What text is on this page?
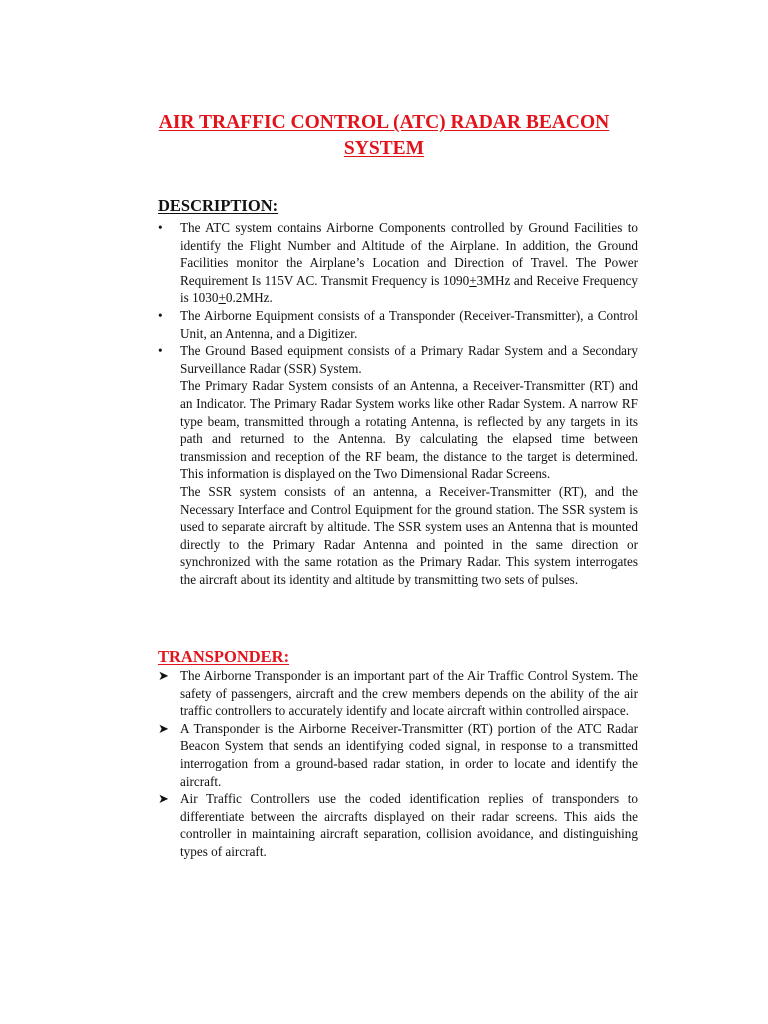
AIR TRAFFIC CONTROL (ATC) RADAR BEACON
SYSTEM
DESCRIPTION:
•	The ATC system contains Airborne Components controlled by Ground Facilities to identify the Flight Number and Altitude of the Airplane. In addition, the Ground Facilities monitor the Airplane’s Location and Direction of Travel. The Power Requirement Is 115V AC. Transmit Frequency is 1090+3MHz and Receive Frequency is 1030+0.2MHz.
•	The Airborne Equipment consists of a Transponder (Receiver-Transmitter), a Control Unit, an Antenna, and a Digitizer.
•	The Ground Based equipment consists of a Primary Radar System and a Secondary Surveillance Radar (SSR) System.
The Primary Radar System consists of an Antenna, a Receiver-Transmitter (RT) and an Indicator. The Primary Radar System works like other Radar System. A narrow RF type beam, transmitted through a rotating Antenna, is reflected by any targets in its path and returned to the Antenna. By calculating the elapsed time between transmission and reception of the RF beam, the distance to the target is determined. This information is displayed on the Two Dimensional Radar Screens.
The SSR system consists of an antenna, a Receiver-Transmitter (RT), and the Necessary Interface and Control Equipment for the ground station. The SSR system is used to separate aircraft by altitude. The SSR system uses an Antenna that is mounted directly to the Primary Radar Antenna and pointed in the same direction or synchronized with the same rotation as the Primary Radar. This system interrogates the aircraft about its identity and altitude by transmitting two sets of pulses.
TRANSPONDER:
➤ The Airborne Transponder is an important part of the Air Traffic Control System. The safety of passengers, aircraft and the crew members depends on the ability of the air traffic controllers to accurately identify and locate aircraft within controlled airspace.
➤ A Transponder is the Airborne Receiver-Transmitter (RT) portion of the ATC Radar Beacon System that sends an identifying coded signal, in response to a transmitted interrogation from a ground-based radar station, in order to locate and identify the aircraft.
➤ Air Traffic Controllers use the coded identification replies of transponders to differentiate between the aircrafts displayed on their radar screens. This aids the controller in maintaining aircraft separation, collision avoidance, and distinguishing types of aircraft.
